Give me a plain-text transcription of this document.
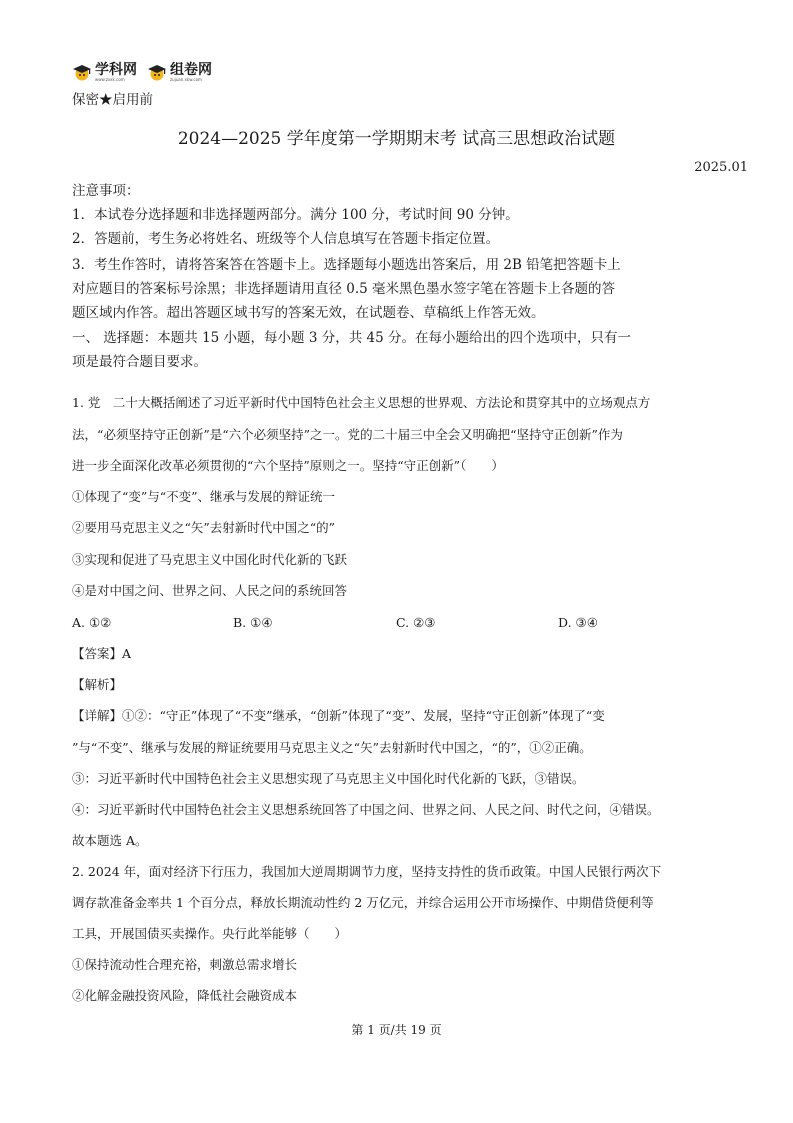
学科网
www.zxxk.com
组卷网
zujuan.xkw.com
保密★启用前
2024—2025 学年度第一学期期末考 试高三思想政治试题
2025.01
注意事项：
1．本试卷分选择题和非选择题两部分。满分 100 分，考试时间 90 分钟。
2．答题前，考生务必将姓名、班级等个人信息填写在答题卡指定位置。
3．考生作答时，请将答案答在答题卡上。选择题每小题选出答案后，用 2B 铅笔把答题卡上
对应题目的答案标号涂黑；非选择题请用直径 0.5 毫米黑色墨水签字笔在答题卡上各题的答
题区域内作答。超出答题区域书写的答案无效，在试题卷、草稿纸上作答无效。
一、 选择题：本题共 15 小题，每小题 3 分，共 45 分。在每小题给出的四个选项中，只有一
项是最符合题目要求。
1. 党　二十大概括阐述了习近平新时代中国特色社会主义思想的世界观、方法论和贯穿其中的立场观点方
法，“必须坚持守正创新”是“六个必须坚持”之一。党的二十届三中全会又明确把“坚持守正创新”作为
进一步全面深化改革必须贯彻的“六个坚持”原则之一。坚持“守正创新”（　　）
①体现了“变”与“不变”、继承与发展的辩证统一
②要用马克思主义之“矢”去射新时代中国之“的”
③实现和促进了马克思主义中国化时代化新的飞跃
④是对中国之问、世界之问、人民之问的系统回答
A. ①②	B. ①④	C. ②③	D. ③④
【答案】A
【解析】
【详解】①②：“守正”体现了“不变”继承，“创新”体现了“变”、发展，坚持“守正创新”体现了“变
”与“不变”、继承与发展的辩证统要用马克思主义之“矢”去射新时代中国之，“的”，①②正确。
③：习近平新时代中国特色社会主义思想实现了马克思主义中国化时代化新的飞跃，③错误。
④：习近平新时代中国特色社会主义思想系统回答了中国之问、世界之问、人民之问、时代之问，④错误。
故本题选 A。
2. 2024 年，面对经济下行压力，我国加大逆周期调节力度，坚持支持性的货币政策。中国人民银行两次下
调存款准备金率共 1 个百分点，释放长期流动性约 2 万亿元，并综合运用公开市场操作、中期借贷便利等
工具，开展国债买卖操作。央行此举能够（　　）
①保持流动性合理充裕，刺激总需求增长
②化解金融投资风险，降低社会融资成本
第 1 页/共 19 页
